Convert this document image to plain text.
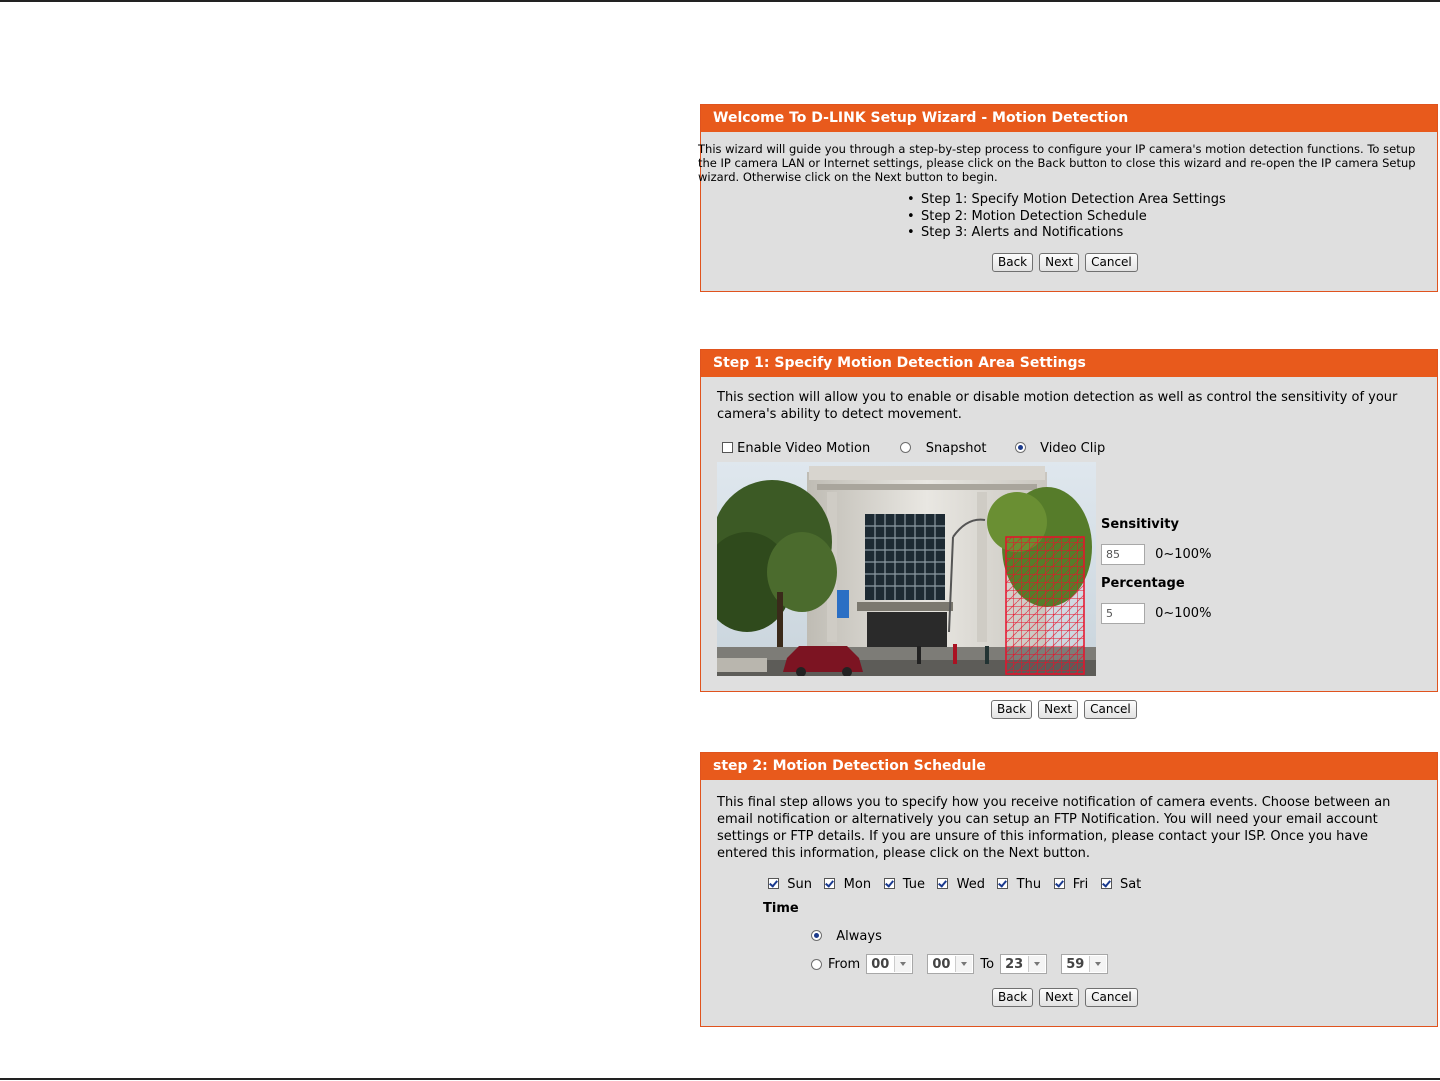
Welcome To D-LINK Setup Wizard - Motion Detection
This wizard will guide you through a step-by-step process to configure your IP camera's motion detection functions. To setup
the IP camera LAN or Internet settings, please click on the Back button to close this wizard and re-open the IP camera Setup
wizard. Otherwise click on the Next button to begin.
• Step 1: Specify Motion Detection Area Settings
• Step 2: Motion Detection Schedule
• Step 3: Alerts and Notifications
Back	Next	Cancel
Step 1: Specify Motion Detection Area Settings
This section will allow you to enable or disable motion detection as well as control the sensitivity of your
camera's ability to detect movement.
Enable Video Motion	Snapshot	Video Clip
Sensitivity
85	0~100%
Percentage
5	0~100%
Back	Next	Cancel
step 2: Motion Detection Schedule
This final step allows you to specify how you receive notification of camera events. Choose between an
email notification or alternatively you can setup an FTP Notification. You will need your email account
settings or FTP details. If you are unsure of this information, please contact your ISP. Once you have
entered this information, please click on the Next button.
Sun Mon Tue Wed Thu Fri Sat
Time
Always
From 00	00 To 23	59
Back	Next	Cancel
